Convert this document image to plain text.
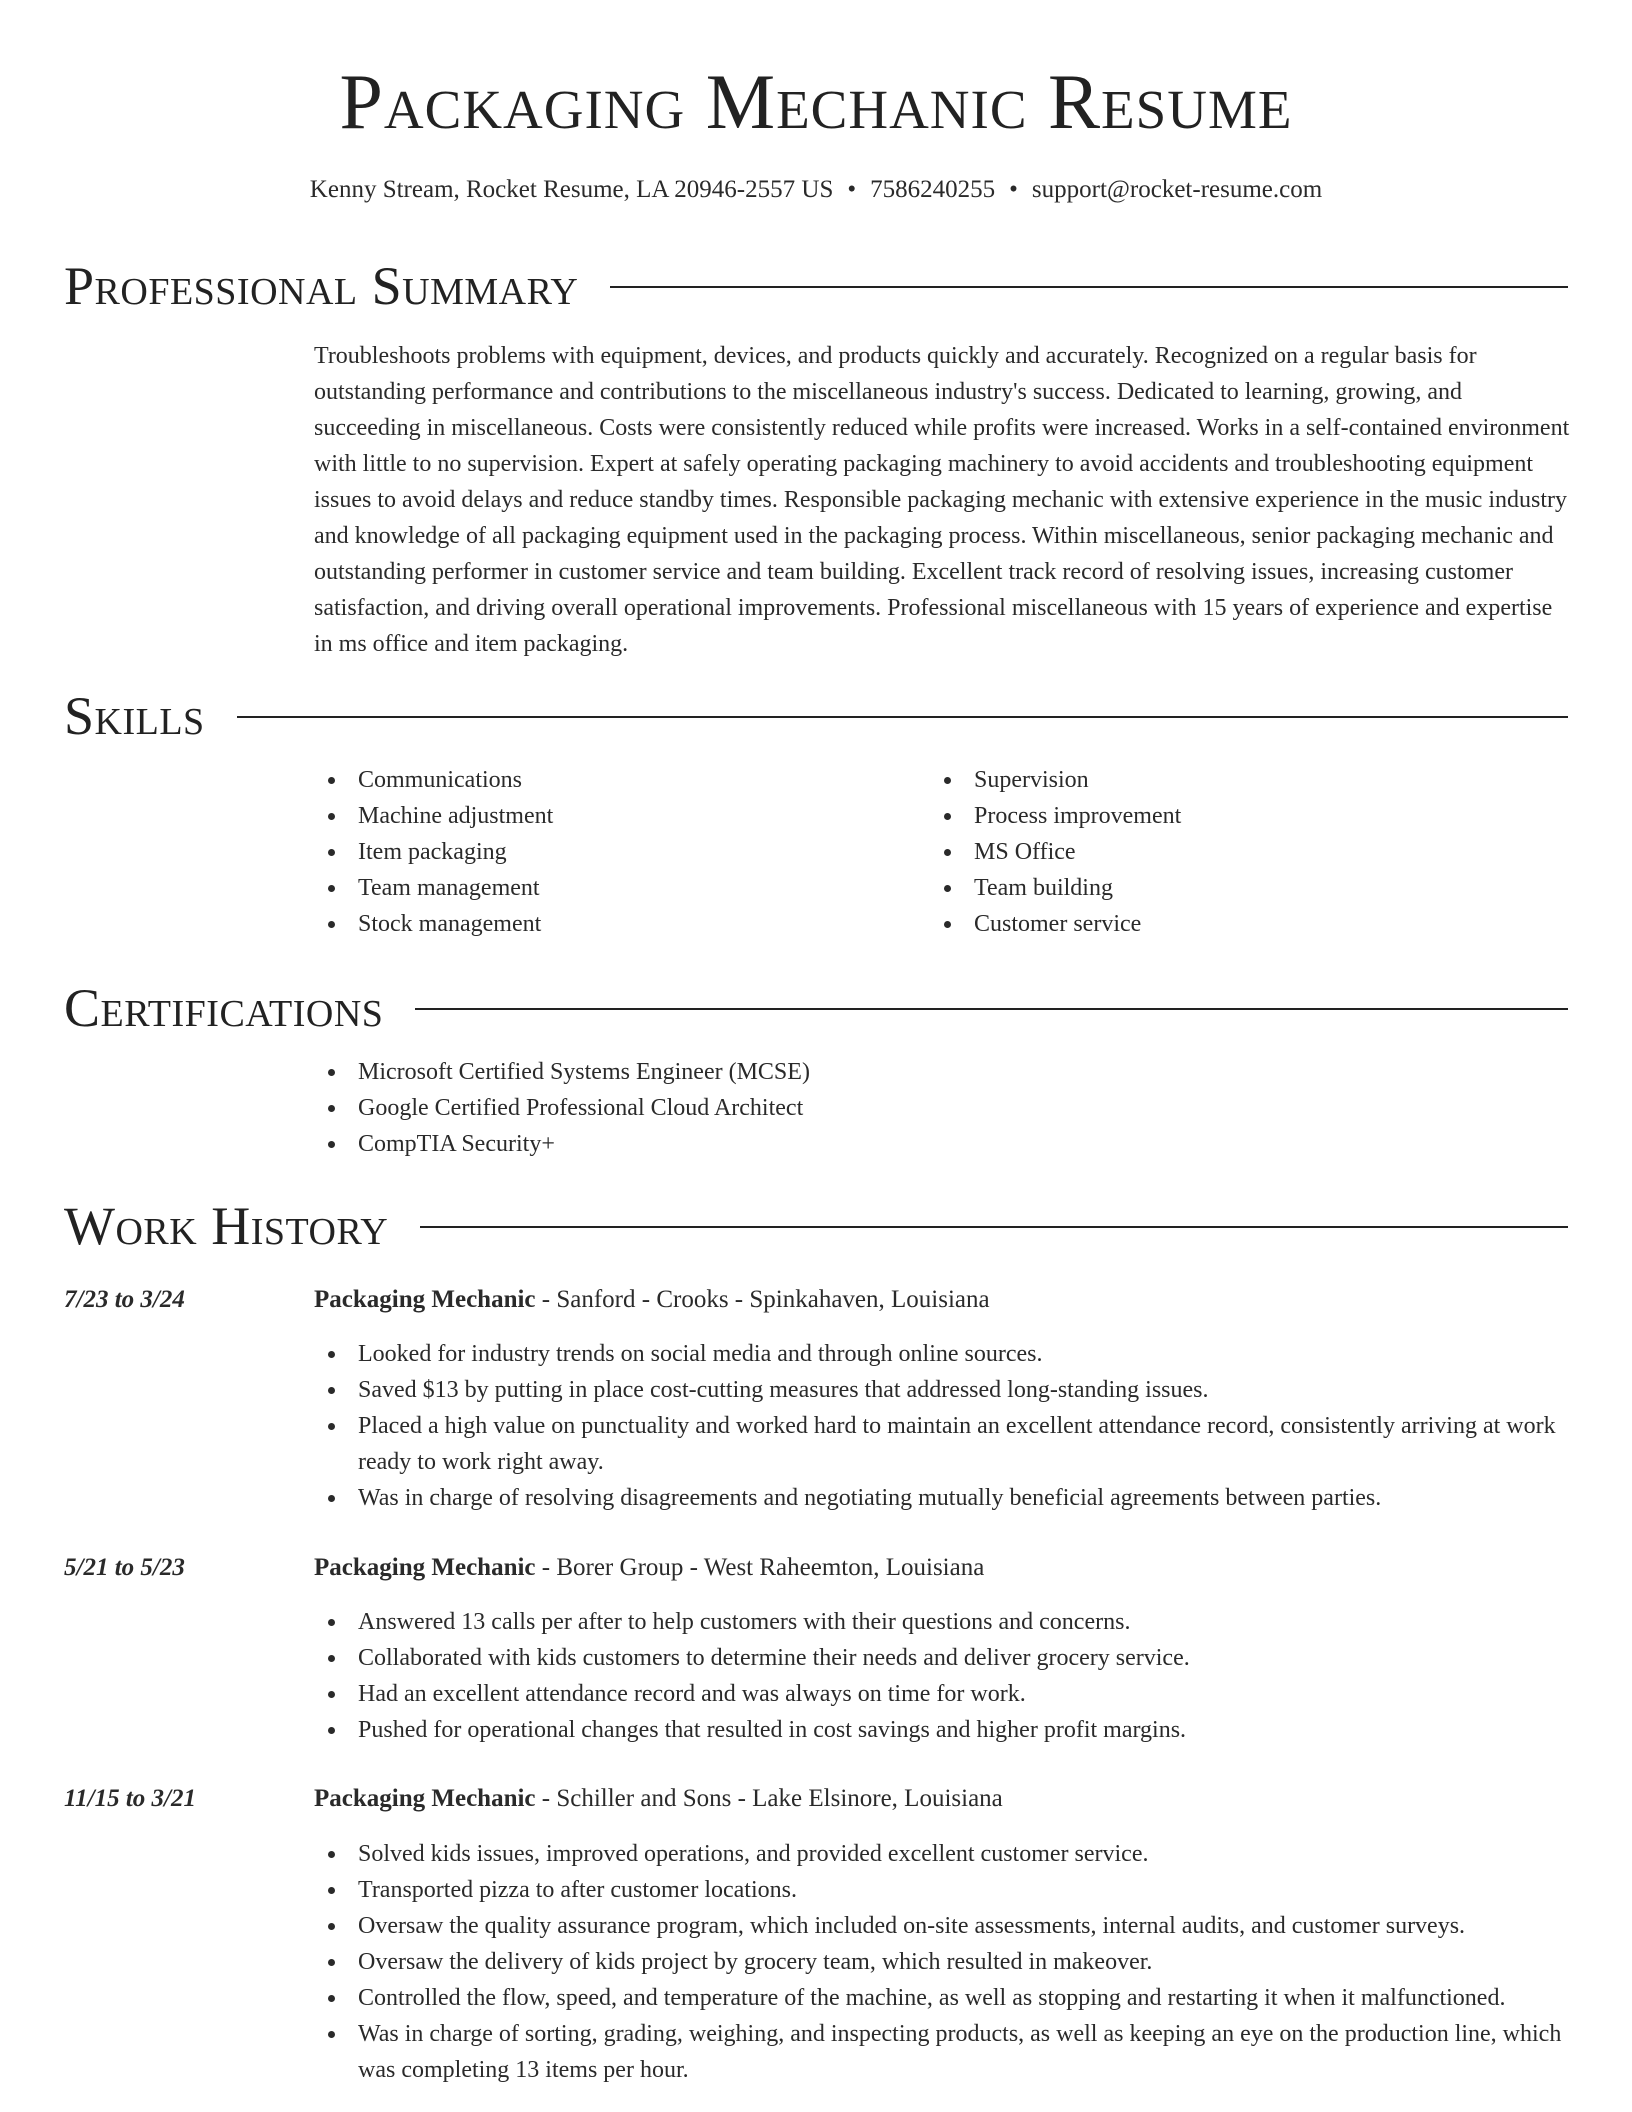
Packaging Mechanic Resume
Kenny Stream, Rocket Resume, LA 20946-2557 US • 7586240255 • support@rocket-resume.com
Professional Summary

Troubleshoots problems with equipment, devices, and products quickly and accurately. Recognized on a regular basis for outstanding performance and contributions to the miscellaneous industry's success. Dedicated to learning, growing, and succeeding in miscellaneous. Costs were consistently reduced while profits were increased. Works in a self-contained environment with little to no supervision. Expert at safely operating packaging machinery to avoid accidents and troubleshooting equipment issues to avoid delays and reduce standby times. Responsible packaging mechanic with extensive experience in the music industry and knowledge of all packaging equipment used in the packaging process. Within miscellaneous, senior packaging mechanic and outstanding performer in customer service and team building. Excellent track record of resolving issues, increasing customer satisfaction, and driving overall operational improvements. Professional miscellaneous with 15 years of experience and expertise in ms office and item packaging.

Skills
Communications
Machine adjustment
Item packaging
Team management
Stock management
Supervision
Process improvement
MS Office
Team building
Customer service
Certifications
Microsoft Certified Systems Engineer (MCSE)
Google Certified Professional Cloud Architect
CompTIA Security+
Work History
7/23 to 3/24	Packaging Mechanic - Sanford - Crooks - Spinkahaven, Louisiana
Looked for industry trends on social media and through online sources.
Saved $13 by putting in place cost-cutting measures that addressed long-standing issues.
Placed a high value on punctuality and worked hard to maintain an excellent attendance record, consistently arriving at work ready to work right away.
Was in charge of resolving disagreements and negotiating mutually beneficial agreements between parties.
5/21 to 5/23	Packaging Mechanic - Borer Group - West Raheemton, Louisiana
Answered 13 calls per after to help customers with their questions and concerns.
Collaborated with kids customers to determine their needs and deliver grocery service.
Had an excellent attendance record and was always on time for work.
Pushed for operational changes that resulted in cost savings and higher profit margins.
11/15 to 3/21	Packaging Mechanic - Schiller and Sons - Lake Elsinore, Louisiana
Solved kids issues, improved operations, and provided excellent customer service.
Transported pizza to after customer locations.
Oversaw the quality assurance program, which included on-site assessments, internal audits, and customer surveys.
Oversaw the delivery of kids project by grocery team, which resulted in makeover.
Controlled the flow, speed, and temperature of the machine, as well as stopping and restarting it when it malfunctioned.
Was in charge of sorting, grading, weighing, and inspecting products, as well as keeping an eye on the production line, which was completing 13 items per hour.
